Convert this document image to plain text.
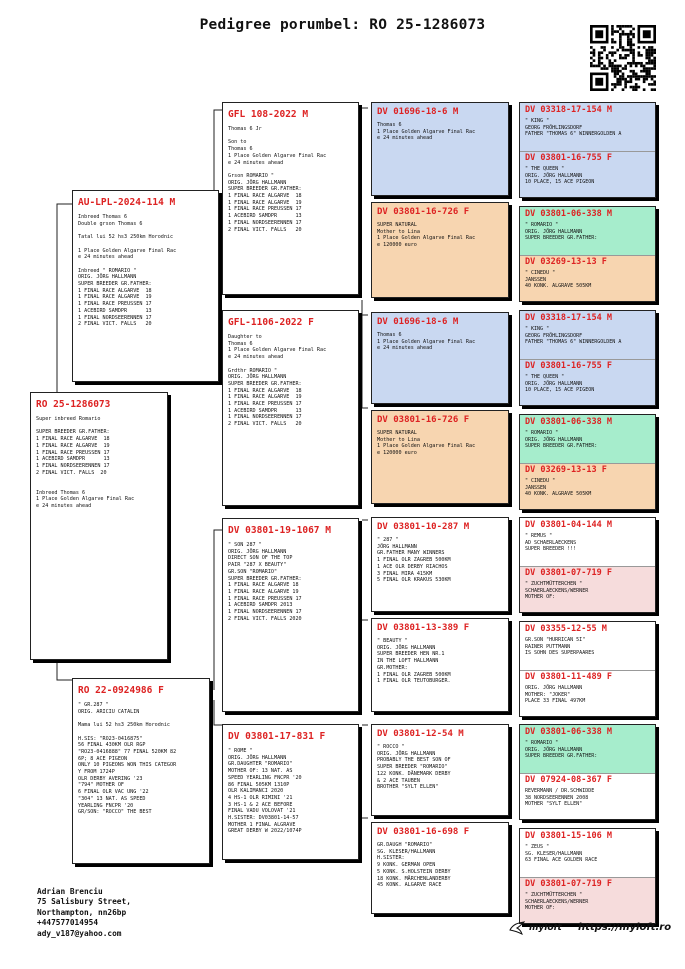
Pedigree porumbel: RO 25-1286073
RO 25-1286073
Super inbreed Romario

SUPER BREEDER GR.FATHER:
1 FINAL RACE ALGARVE  18
1 FINAL RACE ALGARVE  19
1 FINAL RACE PREUSSEN 17
1 ACEBIRD SAMDPR      13
1 FINAL NORDSEERENNEN 17
2 FINAL VICT. FALLS  20

Inbreed Thomas 6
1 Place Golden Algarve Final Rac
e 24 minutes ahead
AU-LPL-2024-114 M
Inbreed Thomas 6
Double grson Thomas 6

Tatal lui 52 hs3 250km Horodnic

1 Place Golden Algarve Final Rac
e 24 minutes ahead

Inbreed " ROMARIO "
ORIG. JÖRG HALLMANN
SUPER BREEDER GR.FATHER:
1 FINAL RACE ALGARVE  18
1 FINAL RACE ALGARVE  19
1 FINAL RACE PREUSSEN 17
1 ACEBIRD SAMDPR      13
1 FINAL NORDSEERENNEN 17
2 FINAL VICT. FALLS   20
RO 22-0924986 F
" GR.287 "
ORIG. ARICIU CATALIN

Mama lui 52 hs3 250km Horodnic

H.SIS: "RO23-0416875"
56 FINAL 430KM OLR RGP
"RO23-0416888" 77 FINAL 520KM 82
6P; 8 ACE PIGEON
ONLY 10 PIGEONS WON THIS CATEGOR
Y FROM 1724P
OLR DERBY AVERING '23
"794" MOTHER OF
6 FINAL OLR VAC UNG '22
"304" 13 NAT. AS SPEED
YEARLING FNCPR '20
GR/SON: "ROCCO" THE BEST
GFL 108-2022 M
Thomas 6 Jr

Son to
Thomas 6
1 Place Golden Algarve Final Rac
e 24 minutes ahead

Grson ROMARIO "
ORIG. JÖRG HALLMANN
SUPER BREEDER GR.FATHER:
1 FINAL RACE ALGARVE  18
1 FINAL RACE ALGARVE  19
1 FINAL RACE PREUSSEN 17
1 ACEBIRD SAMDPR      13
1 FINAL NORDSEERENNEN 17
2 FINAL VICT. FALLS   20
GFL-1106-2022 F
Daughter to
Thomas 6
1 Place Golden Algarve Final Rac
e 24 minutes ahead

Grdthr ROMARIO "
ORIG. JÖRG HALLMANN
SUPER BREEDER GR.FATHER:
1 FINAL RACE ALGARVE  18
1 FINAL RACE ALGARVE  19
1 FINAL RACE PREUSSEN 17
1 ACEBIRD SAMDPR      13
1 FINAL NORDSEERENNEN 17
2 FINAL VICT. FALLS   20
DV 03801-19-1067 M
" SON 287 "
ORIG. JÖRG HALLMANN
DIRECT SON OF THE TOP
PAIR "287 X BEAUTY"
GR.SON "ROMARIO"
SUPER BREEDER GR.FATHER:
1 FINAL RACE ALGARVE 18
1 FINAL RACE ALGARVE 19
1 FINAL RACE PREUSSEN 17
1 ACEBIRD SAMDPR 2013
1 FINAL NORDSEERENNEN 17
2 FINAL VICT. FALLS 2020
DV 03801-17-831 F
" ROME "
ORIG. JÖRG HALLMANN
GR.DAUGHTER "ROMARIO"
MOTHER OF: 13 NAT. AS
SPEED YEARLING FNCPR '20
86 FINAL 505KM 1310P
OLR KALIMANCI 2020
4 HS-1 OLR RIMINI '21
3 HS-1 & 2 ACE BEFORE
FINAL VADU VOLOVAT '21
H.SISTER: DV03801-14-57
MOTHER 1 FINAL ALGRAVE
GREAT DERBY W 2022/1074P
DV 01696-18-6 M
Thomas 6
1 Place Golden Algarve Final Rac
e 24 minutes ahead
DV 03801-16-726 F
SUPER NATURAL
Mother to Lina
1 Place Golden Algarve Final Rac
e 120000 euro
DV 01696-18-6 M
Thomas 6
1 Place Golden Algarve Final Rac
e 24 minutes ahead
DV 03801-16-726 F
SUPER NATURAL
Mother to Lina
1 Place Golden Algarve Final Rac
e 120000 euro
DV 03801-10-287 M
" 287 "
JÖRG HALLMANN
GR.FATHER MANY WINNERS
1 FINAL OLR ZAGREB 500KM
1 ACE OLR DERBY RIACHOS
3 FINAL MIRA 415KM
5 FINAL OLR KRAKUS 530KM
DV 03801-13-389 F
" BEAUTY "
ORIG. JÖRG HALLMANN
SUPER BREEDER HEN NR.1
IN THE LOFT HALLMANN
GR.MOTHER:
1 FINAL OLR ZAGREB 500KM
1 FINAL OLR TEUTOBURGER.
DV 03801-12-54 M
" ROCCO "
ORIG. JÖRG HALLMANN
PROBABLY THE BEST SON OF
SUPER BREEDER "ROMARIO"
122 KONK. DÄNEMARK DERBY
& 2 ACE TAUBEN
BROTHER "SYLT ELLEN"
DV 03801-16-698 F
GR.DAUGH "ROMARIO"
SG. KLESER/HALLMANN
H.SISTER:
9 KONK. GERMAN OPEN
5 KONK. S.HOLSTEIN DERBY
18 KONK. MÄRCHENLANDERBY
45 KONK. ALGARVE RACE
DV 03318-17-154 M
" KING "
GEORG FRÖHLINGSDORF
FATHER "THOMAS 6" WINNERGOLDEN A
DV 03801-16-755 F
" THE QUEEN "
ORIG. JÖRG HALLMANN
10 PLACE, 15 ACE PIGEON
DV 03801-06-338 M
" ROMARIO "
ORIG. JÖRG HALLMANN
SUPER BREEDER GR.FATHER:
DV 03269-13-13 F
" CINEDU "
JANSSEN
40 KONK. ALGRAVE 505KM
DV 03318-17-154 M
" KING "
GEORG FRÖHLINGSDORF
FATHER "THOMAS 6" WINNERGOLDEN A
DV 03801-16-755 F
" THE QUEEN "
ORIG. JÖRG HALLMANN
10 PLACE, 15 ACE PIGEON
DV 03801-06-338 M
" ROMARIO "
ORIG. JÖRG HALLMANN
SUPER BREEDER GR.FATHER:
DV 03269-13-13 F
" CINEDU "
JANSSEN
40 KONK. ALGRAVE 505KM
DV 03801-04-144 M
" REMUS "
AD SCHAERLAECKENS
SUPER BREEDER !!!
DV 03801-07-719 F
" ZUCHTMÜTTERCHEN "
SCHAERLAECKENS/WERNER
MOTHER OF:
DV 03355-12-55 M
GR.SON "HURRICAN 5I"
RAINER PUTTMANN
IS SOHN DES SUPERPAARES
DV 03801-11-489 F
ORIG. JÖRG HALLMANN
MOTHER: "JOKER"
PLACE 33 FINAL 497KM
DV 03801-06-338 M
" ROMARIO "
ORIG. JÖRG HALLMANN
SUPER BREEDER GR.FATHER:
DV 07924-08-367 F
REVERMANN / DR.SCHWIDDE
38 NORDSEERENNEN 2008
MOTHER "SYLT ELLEN"
DV 03801-15-106 M
" ZEUS "
SG. KLESER/HALLMANN
63 FINAL ACE GOLDEN RACE
DV 03801-07-719 F
" ZUCHTMÜTTERCHEN "
SCHAERLAECKENS/WERNER
MOTHER OF:
Adrian Brenciu
75 Salisbury Street,
Northampton, nn26bp
+447577014954
ady_v187@yahoo.com
myloft https://myloft.ro
